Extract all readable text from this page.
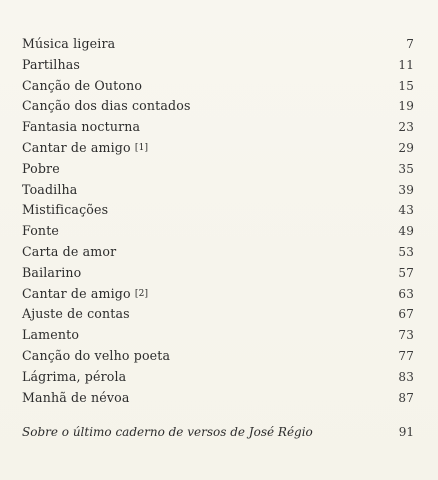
Música ligeira	7
Partilhas	11
Canção de Outono	15
Canção dos dias contados	19
Fantasia nocturna	23
Cantar de amigo [1]	29
Pobre	35
Toadilha	39
Mistificações	43
Fonte	49
Carta de amor	53
Bailarino	57
Cantar de amigo [2]	63
Ajuste de contas	67
Lamento	73
Canção do velho poeta	77
Lágrima, pérola	83
Manhã de névoa	87
Sobre o último caderno de versos de José Régio	91
